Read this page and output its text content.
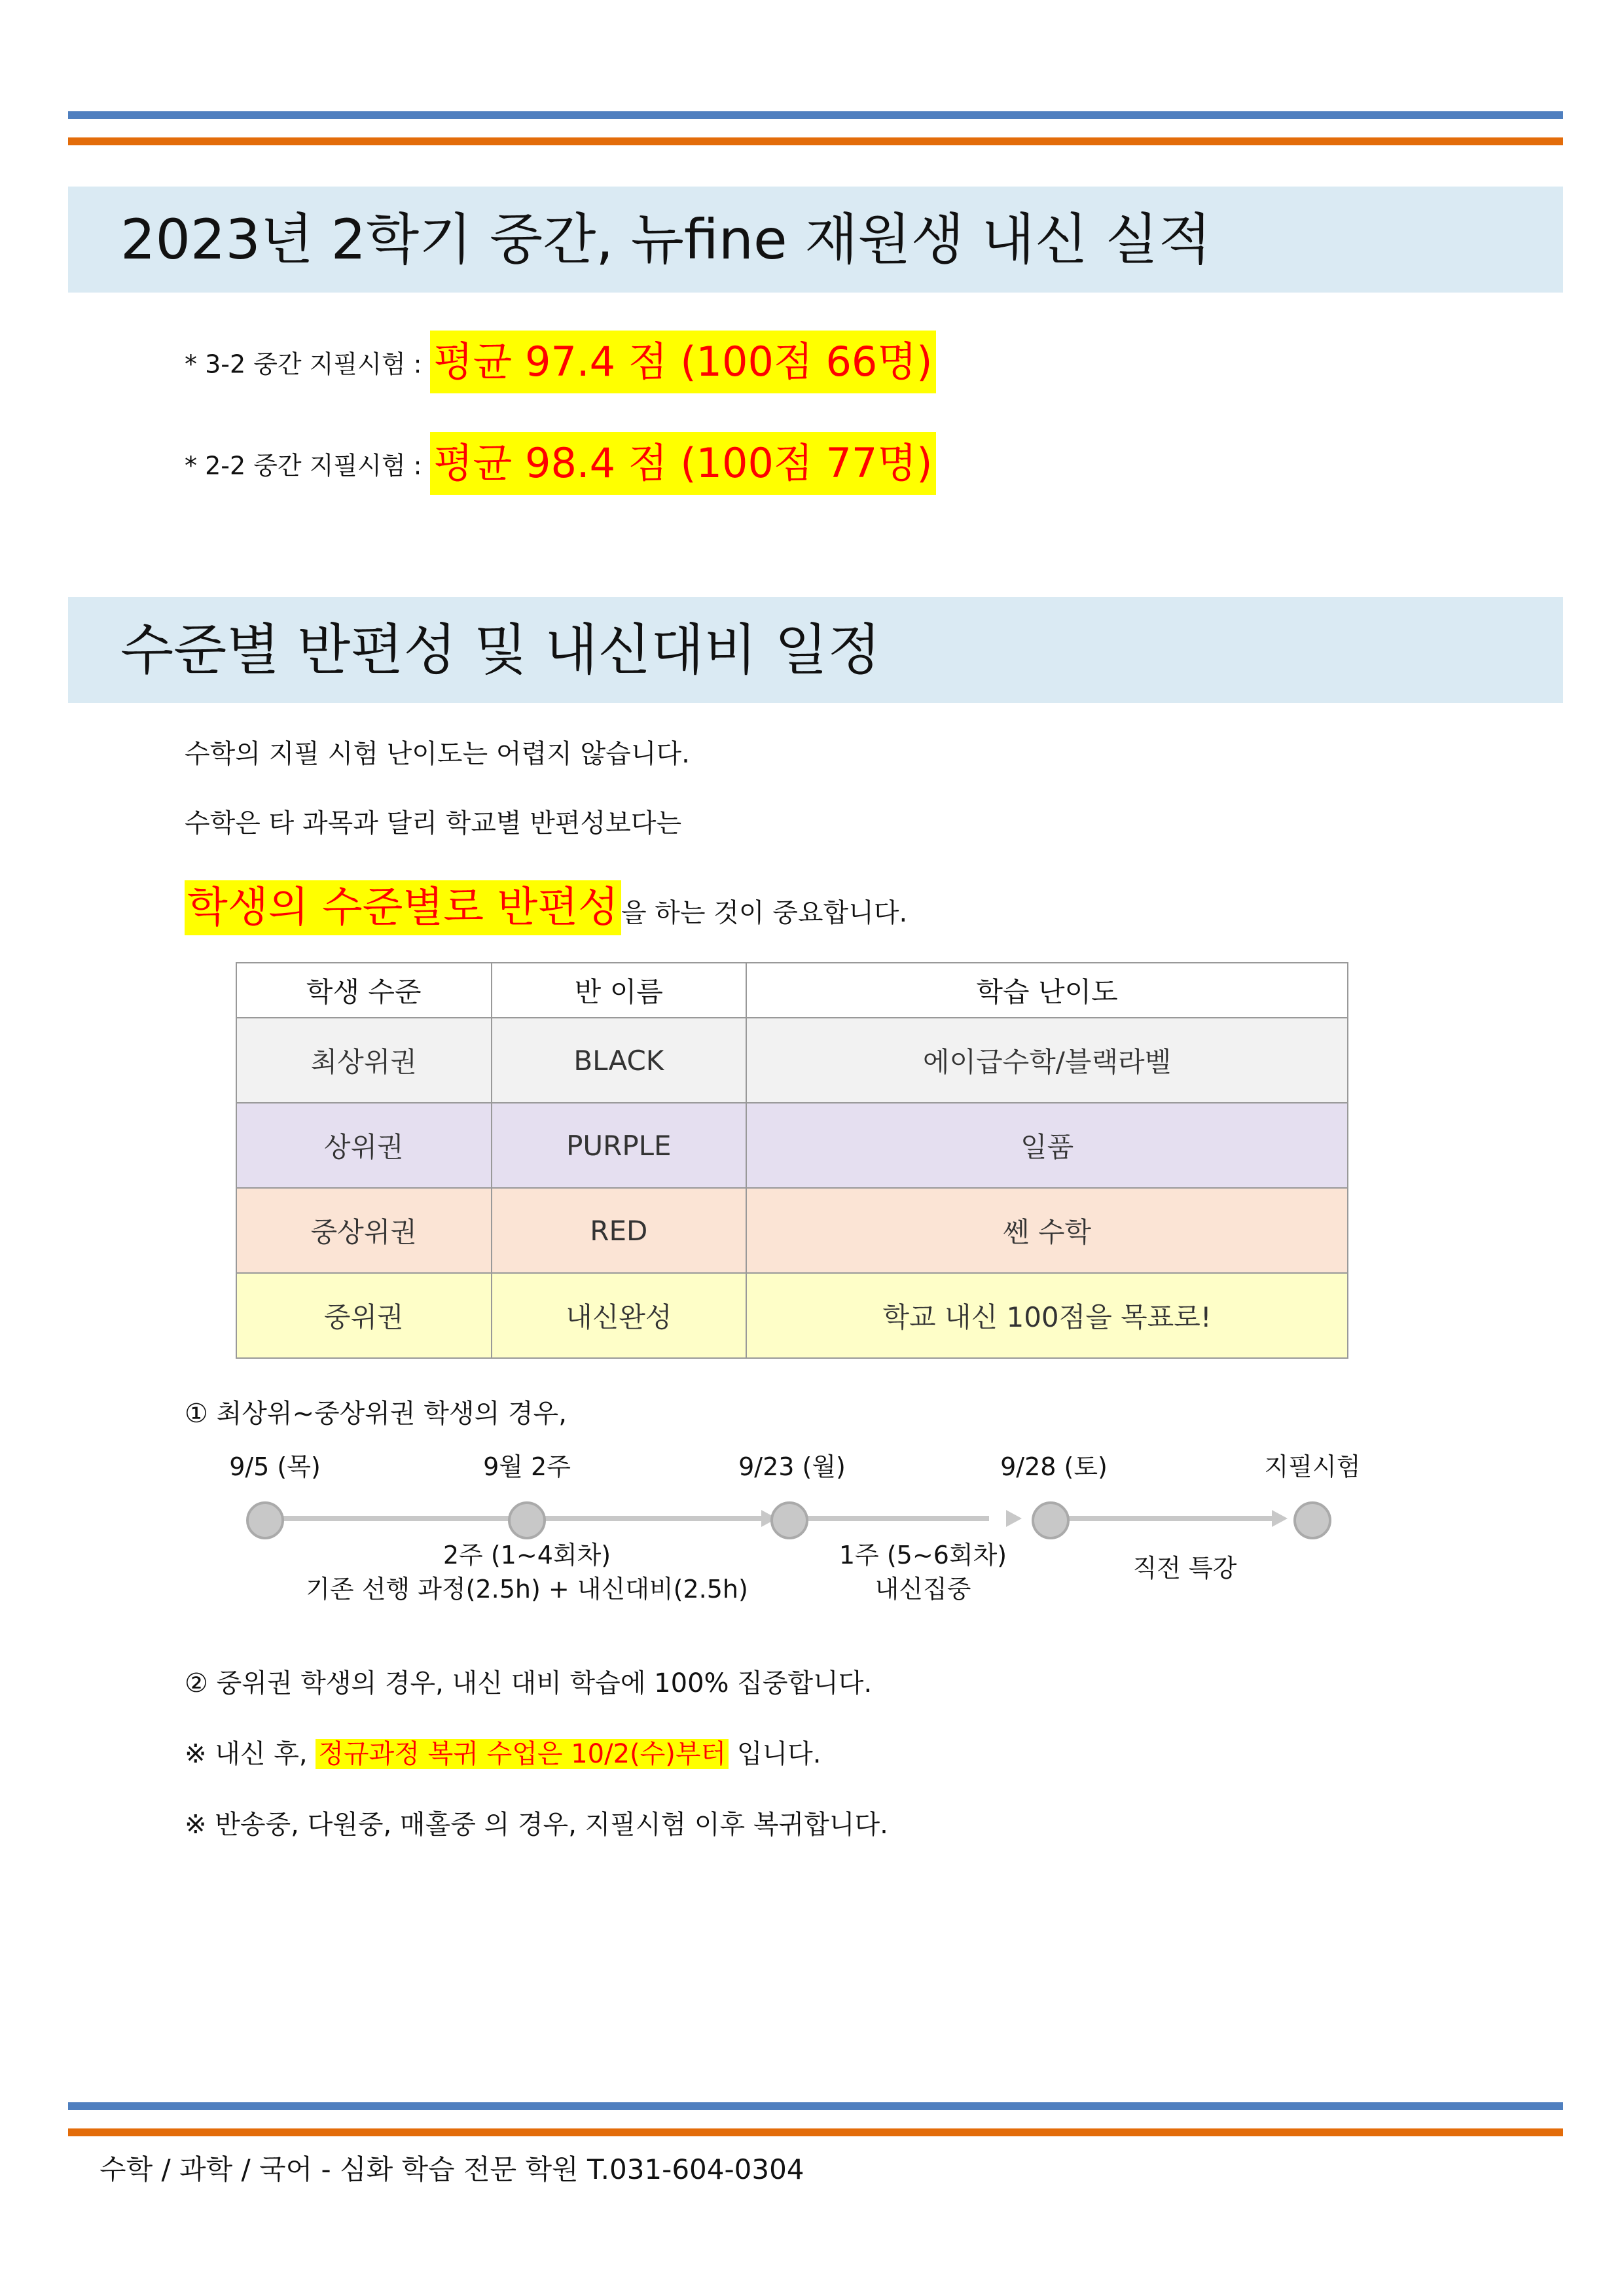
2023년 2학기 중간, 뉴fine 재원생 내신 실적
* 3-2 중간 지필시험 : 평균 97.4 점 (100점 66명)
* 2-2 중간 지필시험 : 평균 98.4 점 (100점 77명)
수준별 반편성 및 내신대비 일정
수학의 지필 시험 난이도는 어렵지 않습니다.
수학은 타 과목과 달리 학교별 반편성보다는
학생의 수준별로 반편성 을 하는 것이 중요합니다.
학생 수준	반 이름	학습 난이도
최상위권	BLACK	에이급수학/블랙라벨
상위권	PURPLE	일품
중상위권	RED	쎈 수학
중위권	내신완성	학교 내신 100점을 목표로!
① 최상위~중상위권 학생의 경우,
9/5 (목)	9월 2주	9/23 (월)	9/28 (토)	지필시험
2주 (1~4회차)
기존 선행 과정(2.5h) + 내신대비(2.5h)
1주 (5~6회차)
내신집중
직전 특강
② 중위권 학생의 경우, 내신 대비 학습에 100% 집중합니다.
※ 내신 후, 정규과정 복귀 수업은 10/2(수)부터 입니다.
※ 반송중, 다원중, 매홀중 의 경우, 지필시험 이후 복귀합니다.
수학 / 과학 / 국어 - 심화 학습 전문 학원 T.031-604-0304
